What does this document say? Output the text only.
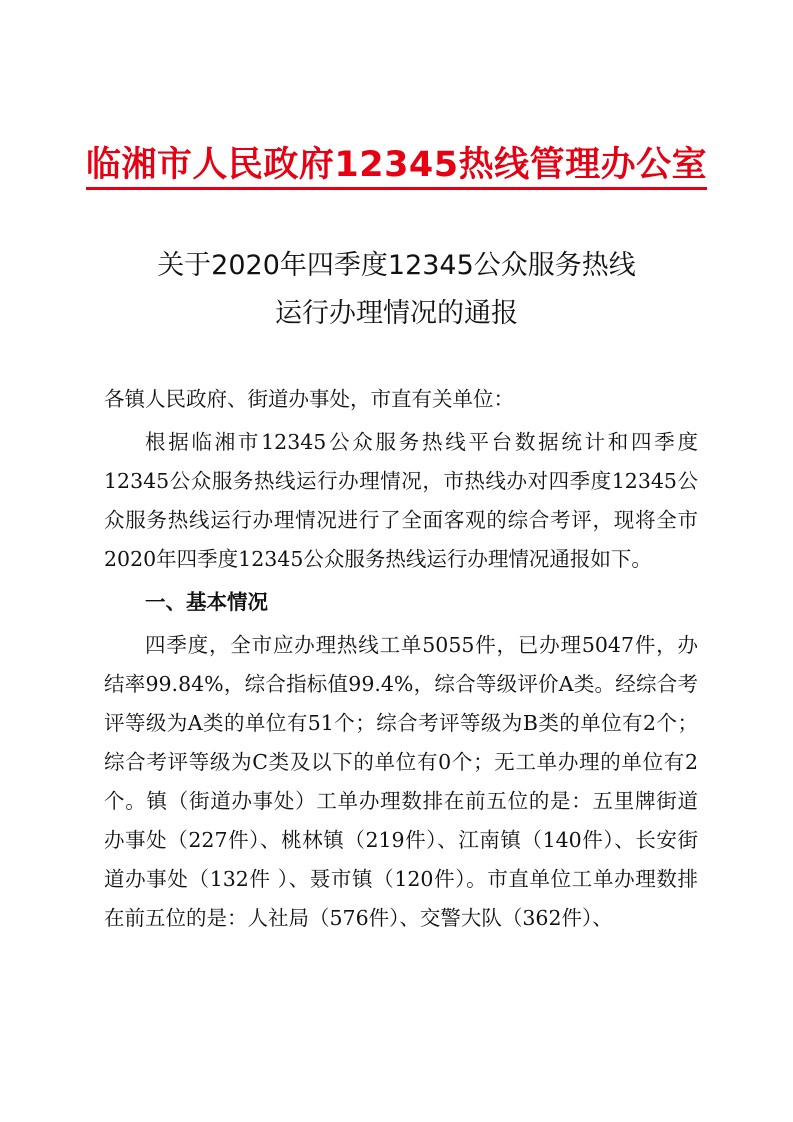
临湘市人民政府12345热线管理办公室
关于2020年四季度12345公众服务热线
运行办理情况的通报

各镇人民政府、街道办事处，市直有关单位：

根据临湘市12345公众服务热线平台数据统计和四季度12345公众服务热线运行办理情况，市热线办对四季度12345公众服务热线运行办理情况进行了全面客观的综合考评，现将全市2020年四季度12345公众服务热线运行办理情况通报如下。

一、基本情况

四季度，全市应办理热线工单5055件，已办理5047件，办结率99.84%，综合指标值99.4%，综合等级评价A类。经综合考评等级为A类的单位有51个；综合考评等级为B类的单位有2个；综合考评等级为C类及以下的单位有0个；无工单办理的单位有2个。镇（街道办事处）工单办理数排在前五位的是：五里牌街道办事处（227件）、桃林镇（219件）、江南镇（140件）、长安街道办事处（132件 ）、聂市镇（120件）。市直单位工单办理数排在前五位的是：人社局（576件）、交警大队（362件）、
